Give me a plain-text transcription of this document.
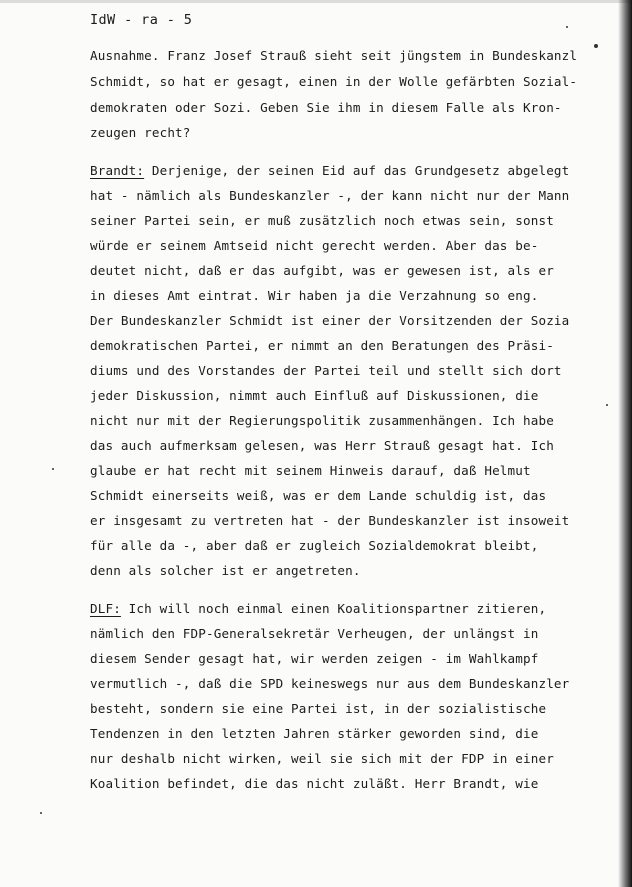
IdW - ra - 5
Ausnahme. Franz Josef Strauß sieht seit jüngstem in Bundeskanzl
Schmidt, so hat er gesagt, einen in der Wolle gefärbten Sozial-
demokraten oder Sozi. Geben Sie ihm in diesem Falle als Kron-
zeugen recht?
Brandt: Derjenige, der seinen Eid auf das Grundgesetz abgelegt
hat - nämlich als Bundeskanzler -, der kann nicht nur der Mann
seiner Partei sein, er muß zusätzlich noch etwas sein, sonst
würde er seinem Amtseid nicht gerecht werden. Aber das be-
deutet nicht, daß er das aufgibt, was er gewesen ist, als er
in dieses Amt eintrat. Wir haben ja die Verzahnung so eng.
Der Bundeskanzler Schmidt ist einer der Vorsitzenden der Sozia
demokratischen Partei, er nimmt an den Beratungen des Präsi-
diums und des Vorstandes der Partei teil und stellt sich dort
jeder Diskussion, nimmt auch Einfluß auf Diskussionen, die
nicht nur mit der Regierungspolitik zusammenhängen. Ich habe
das auch aufmerksam gelesen, was Herr Strauß gesagt hat. Ich
glaube er hat recht mit seinem Hinweis darauf, daß Helmut
Schmidt einerseits weiß, was er dem Lande schuldig ist, das
er insgesamt zu vertreten hat - der Bundeskanzler ist insoweit
für alle da -, aber daß er zugleich Sozialdemokrat bleibt,
denn als solcher ist er angetreten.
DLF: Ich will noch einmal einen Koalitionspartner zitieren,
nämlich den FDP-Generalsekretär Verheugen, der unlängst in
diesem Sender gesagt hat, wir werden zeigen - im Wahlkampf
vermutlich -, daß die SPD keineswegs nur aus dem Bundeskanzler
besteht, sondern sie eine Partei ist, in der sozialistische
Tendenzen in den letzten Jahren stärker geworden sind, die
nur deshalb nicht wirken, weil sie sich mit der FDP in einer
Koalition befindet, die das nicht zuläßt. Herr Brandt, wie
